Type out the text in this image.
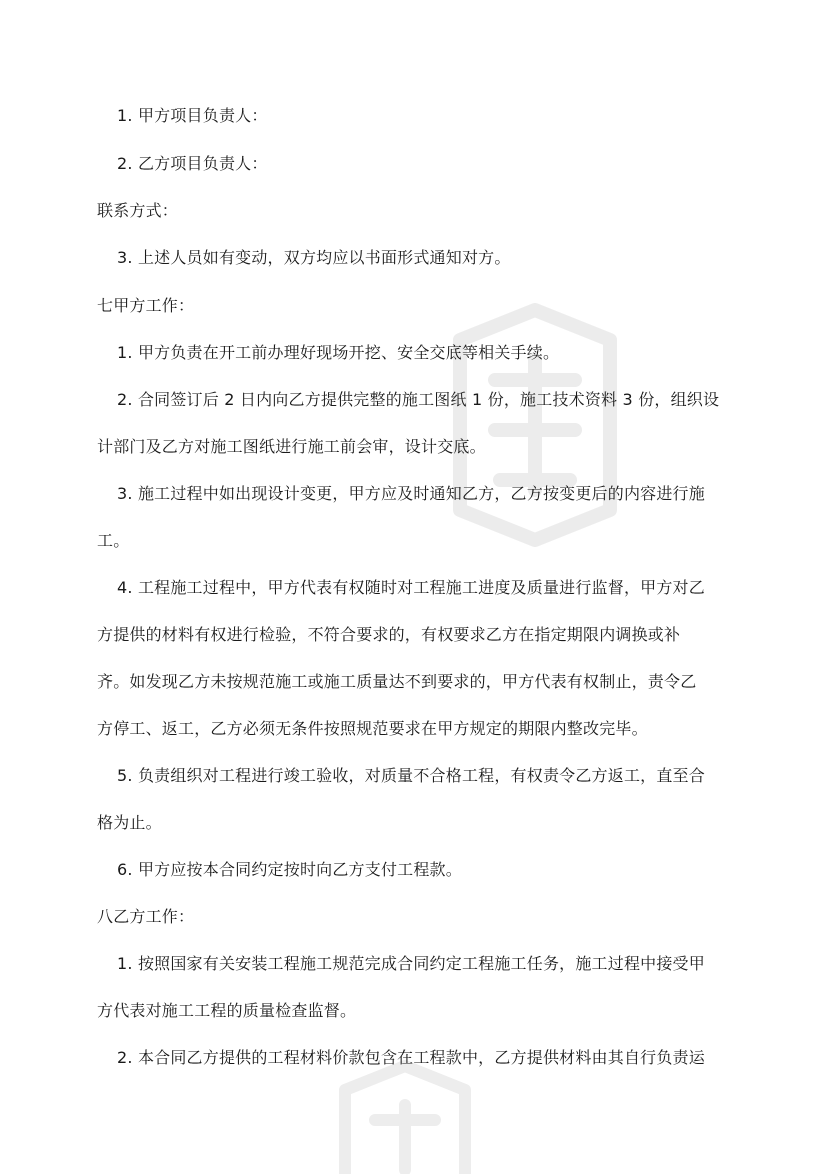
1. 甲方项目负责人：
2. 乙方项目负责人：
联系方式：
3. 上述人员如有变动，双方均应以书面形式通知对方。
七甲方工作：
1. 甲方负责在开工前办理好现场开挖、安全交底等相关手续。
2. 合同签订后 2 日内向乙方提供完整的施工图纸 1 份，施工技术资料 3 份，组织设
计部门及乙方对施工图纸进行施工前会审，设计交底。
3. 施工过程中如出现设计变更，甲方应及时通知乙方，乙方按变更后的内容进行施
工。
4. 工程施工过程中，甲方代表有权随时对工程施工进度及质量进行监督，甲方对乙
方提供的材料有权进行检验，不符合要求的，有权要求乙方在指定期限内调换或补
齐。如发现乙方未按规范施工或施工质量达不到要求的，甲方代表有权制止，责令乙
方停工、返工，乙方必须无条件按照规范要求在甲方规定的期限内整改完毕。
5. 负责组织对工程进行竣工验收，对质量不合格工程，有权责令乙方返工，直至合
格为止。
6. 甲方应按本合同约定按时向乙方支付工程款。
八乙方工作：
1. 按照国家有关安装工程施工规范完成合同约定工程施工任务，施工过程中接受甲
方代表对施工工程的质量检查监督。
2. 本合同乙方提供的工程材料价款包含在工程款中，乙方提供材料由其自行负责运
